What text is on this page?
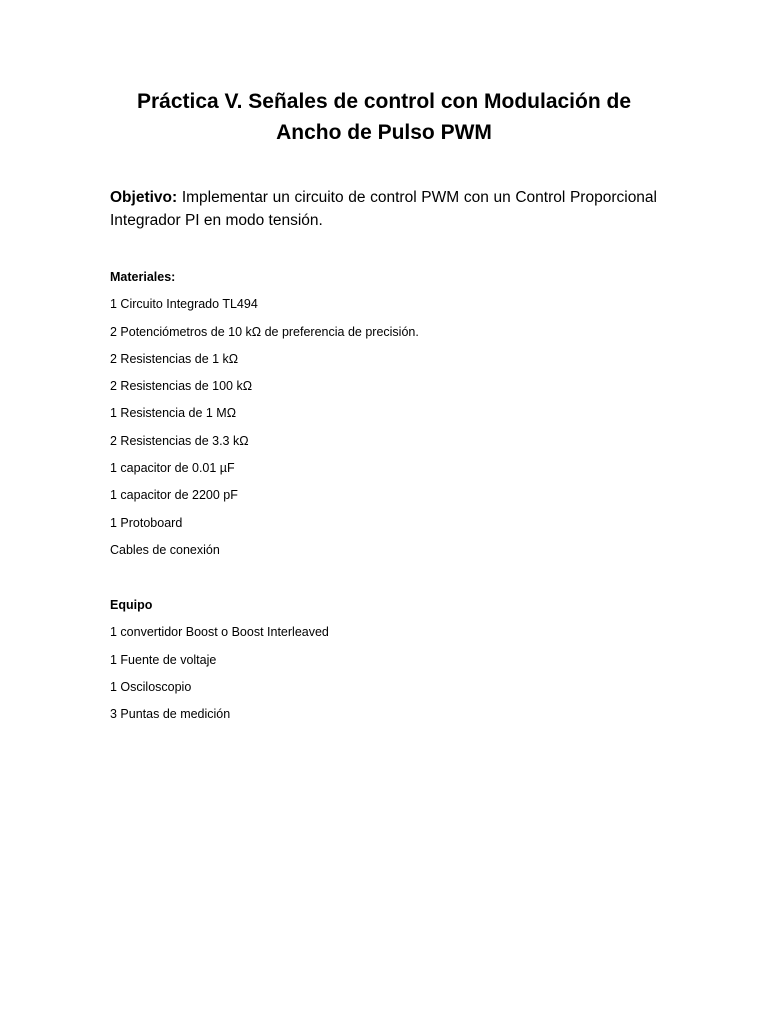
Práctica V. Señales de control con Modulación de
Ancho de Pulso PWM

Objetivo: Implementar un circuito de control PWM con un Control Proporcional Integrador PI en modo tensión.

Materiales:

1 Circuito Integrado TL494
2 Potenciómetros de 10 kΩ de preferencia de precisión.
2 Resistencias de 1 kΩ
2 Resistencias de 100 kΩ
1 Resistencia de 1 MΩ
2 Resistencias de 3.3 kΩ
1 capacitor de 0.01 µF
1 capacitor de 2200 pF
1 Protoboard
Cables de conexión

Equipo

1 convertidor Boost o Boost Interleaved
1 Fuente de voltaje
1 Osciloscopio
3 Puntas de medición
